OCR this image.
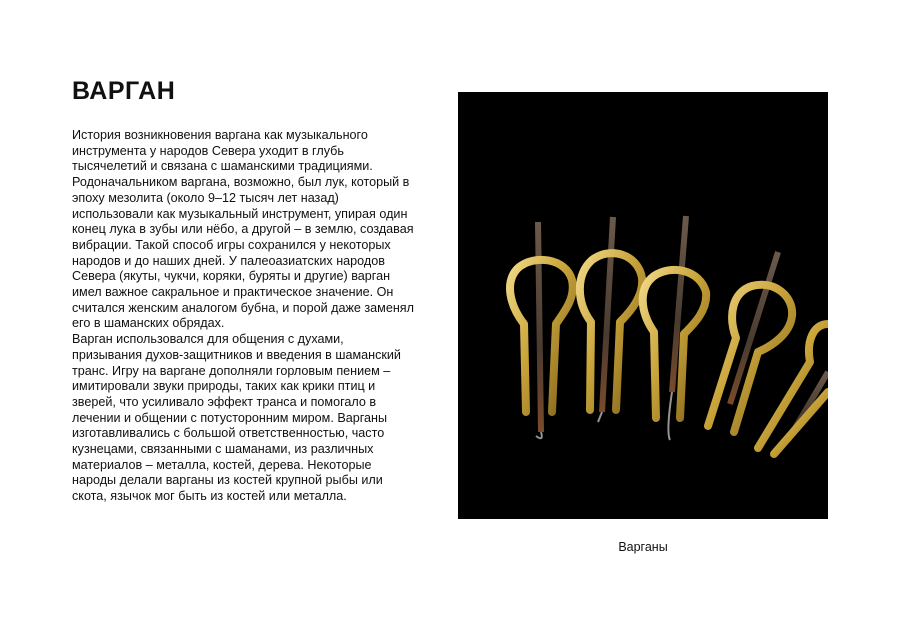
ВАРГАН

История возникновения варгана как музыкального инструмента у народов Севера уходит в глубь тысячелетий и связана с шаманскими традициями. Родоначальником варгана, возможно, был лук, который в эпоху мезолита (около 9–12 тысяч лет назад) использовали как музыкальный инструмент, упирая один конец лука в зубы или нёбо, а другой – в землю, создавая вибрации. Такой способ игры сохранился у некоторых народов и до наших дней. У палеоазиатских народов Севера (якуты, чукчи, коряки, буряты и другие) варган имел важное сакральное и практическое значение. Он считался женским аналогом бубна, и порой даже заменял его в шаманских обрядах.

Варган использовался для общения с духами, призывания духов-защитников и введения в шаманский транс. Игру на варгане дополняли горловым пением – имитировали звуки природы, таких как крики птиц и зверей, что усиливало эффект транса и помогало в лечении и общении с потусторонним миром. Варганы изготавливались с большой ответственностью, часто кузнецами, связанными с шаманами, из различных материалов – металла, костей, дерева. Некоторые народы делали варганы из костей крупной рыбы или скота, язычок мог быть из костей или металла.

Варганы
